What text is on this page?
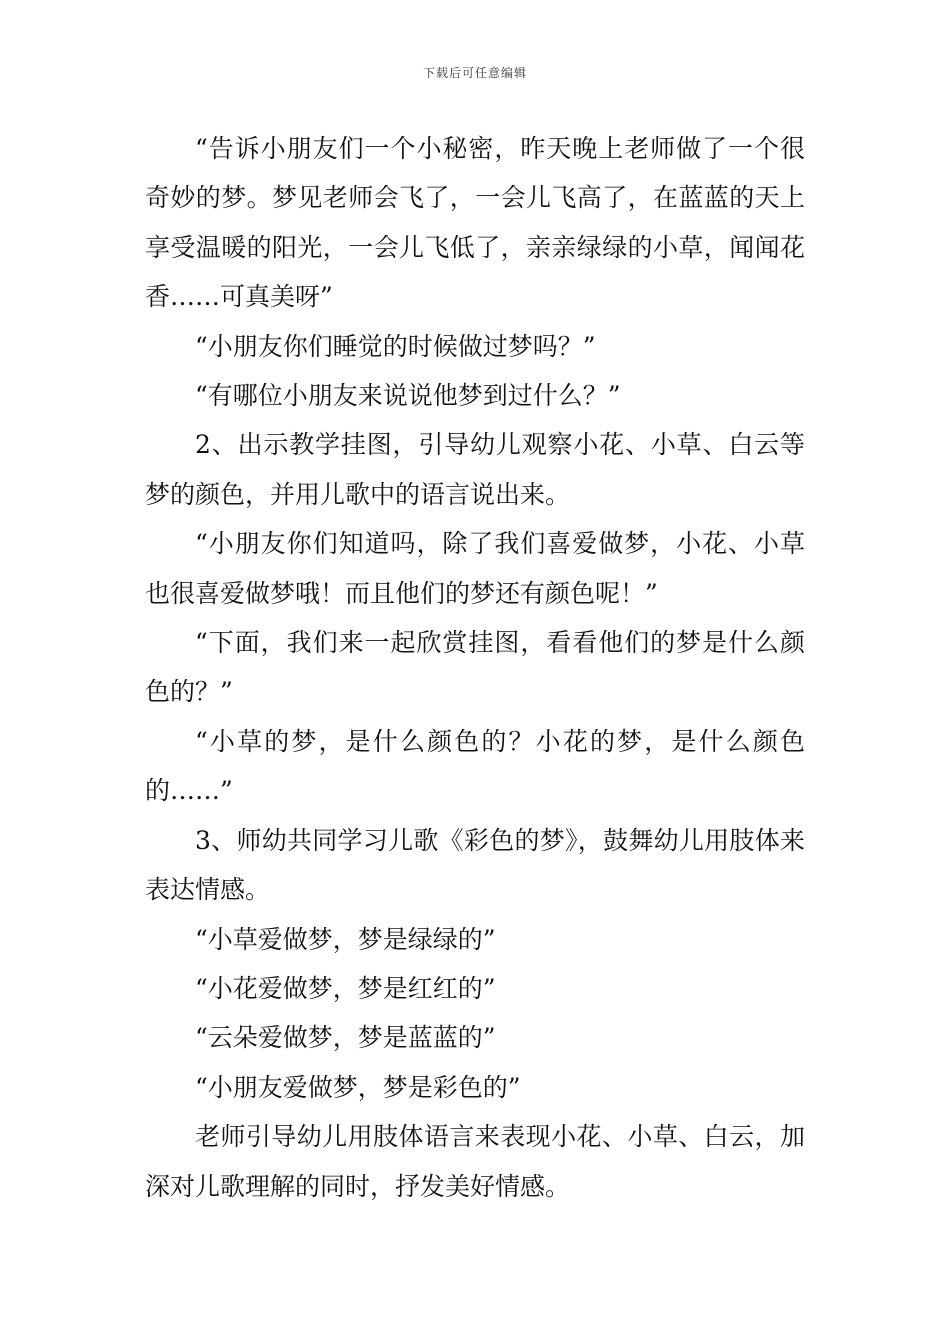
下载后可任意编辑

“告诉小朋友们一个小秘密，昨天晚上老师做了一个很奇妙的梦。梦见老师会飞了，一会儿飞高了，在蓝蓝的天上享受温暖的阳光，一会儿飞低了，亲亲绿绿的小草，闻闻花香……可真美呀”

“小朋友你们睡觉的时候做过梦吗？”

“有哪位小朋友来说说他梦到过什么？”

2、出示教学挂图，引导幼儿观察小花、小草、白云等梦的颜色，并用儿歌中的语言说出来。

“小朋友你们知道吗，除了我们喜爱做梦，小花、小草也很喜爱做梦哦！而且他们的梦还有颜色呢！”

“下面，我们来一起欣赏挂图，看看他们的梦是什么颜色的？”

“小草的梦，是什么颜色的？小花的梦，是什么颜色的……”

3、师幼共同学习儿歌《彩色的梦》，鼓舞幼儿用肢体来表达情感。

“小草爱做梦，梦是绿绿的”

“小花爱做梦，梦是红红的”

“云朵爱做梦，梦是蓝蓝的”

“小朋友爱做梦，梦是彩色的”

老师引导幼儿用肢体语言来表现小花、小草、白云，加深对儿歌理解的同时，抒发美好情感。
